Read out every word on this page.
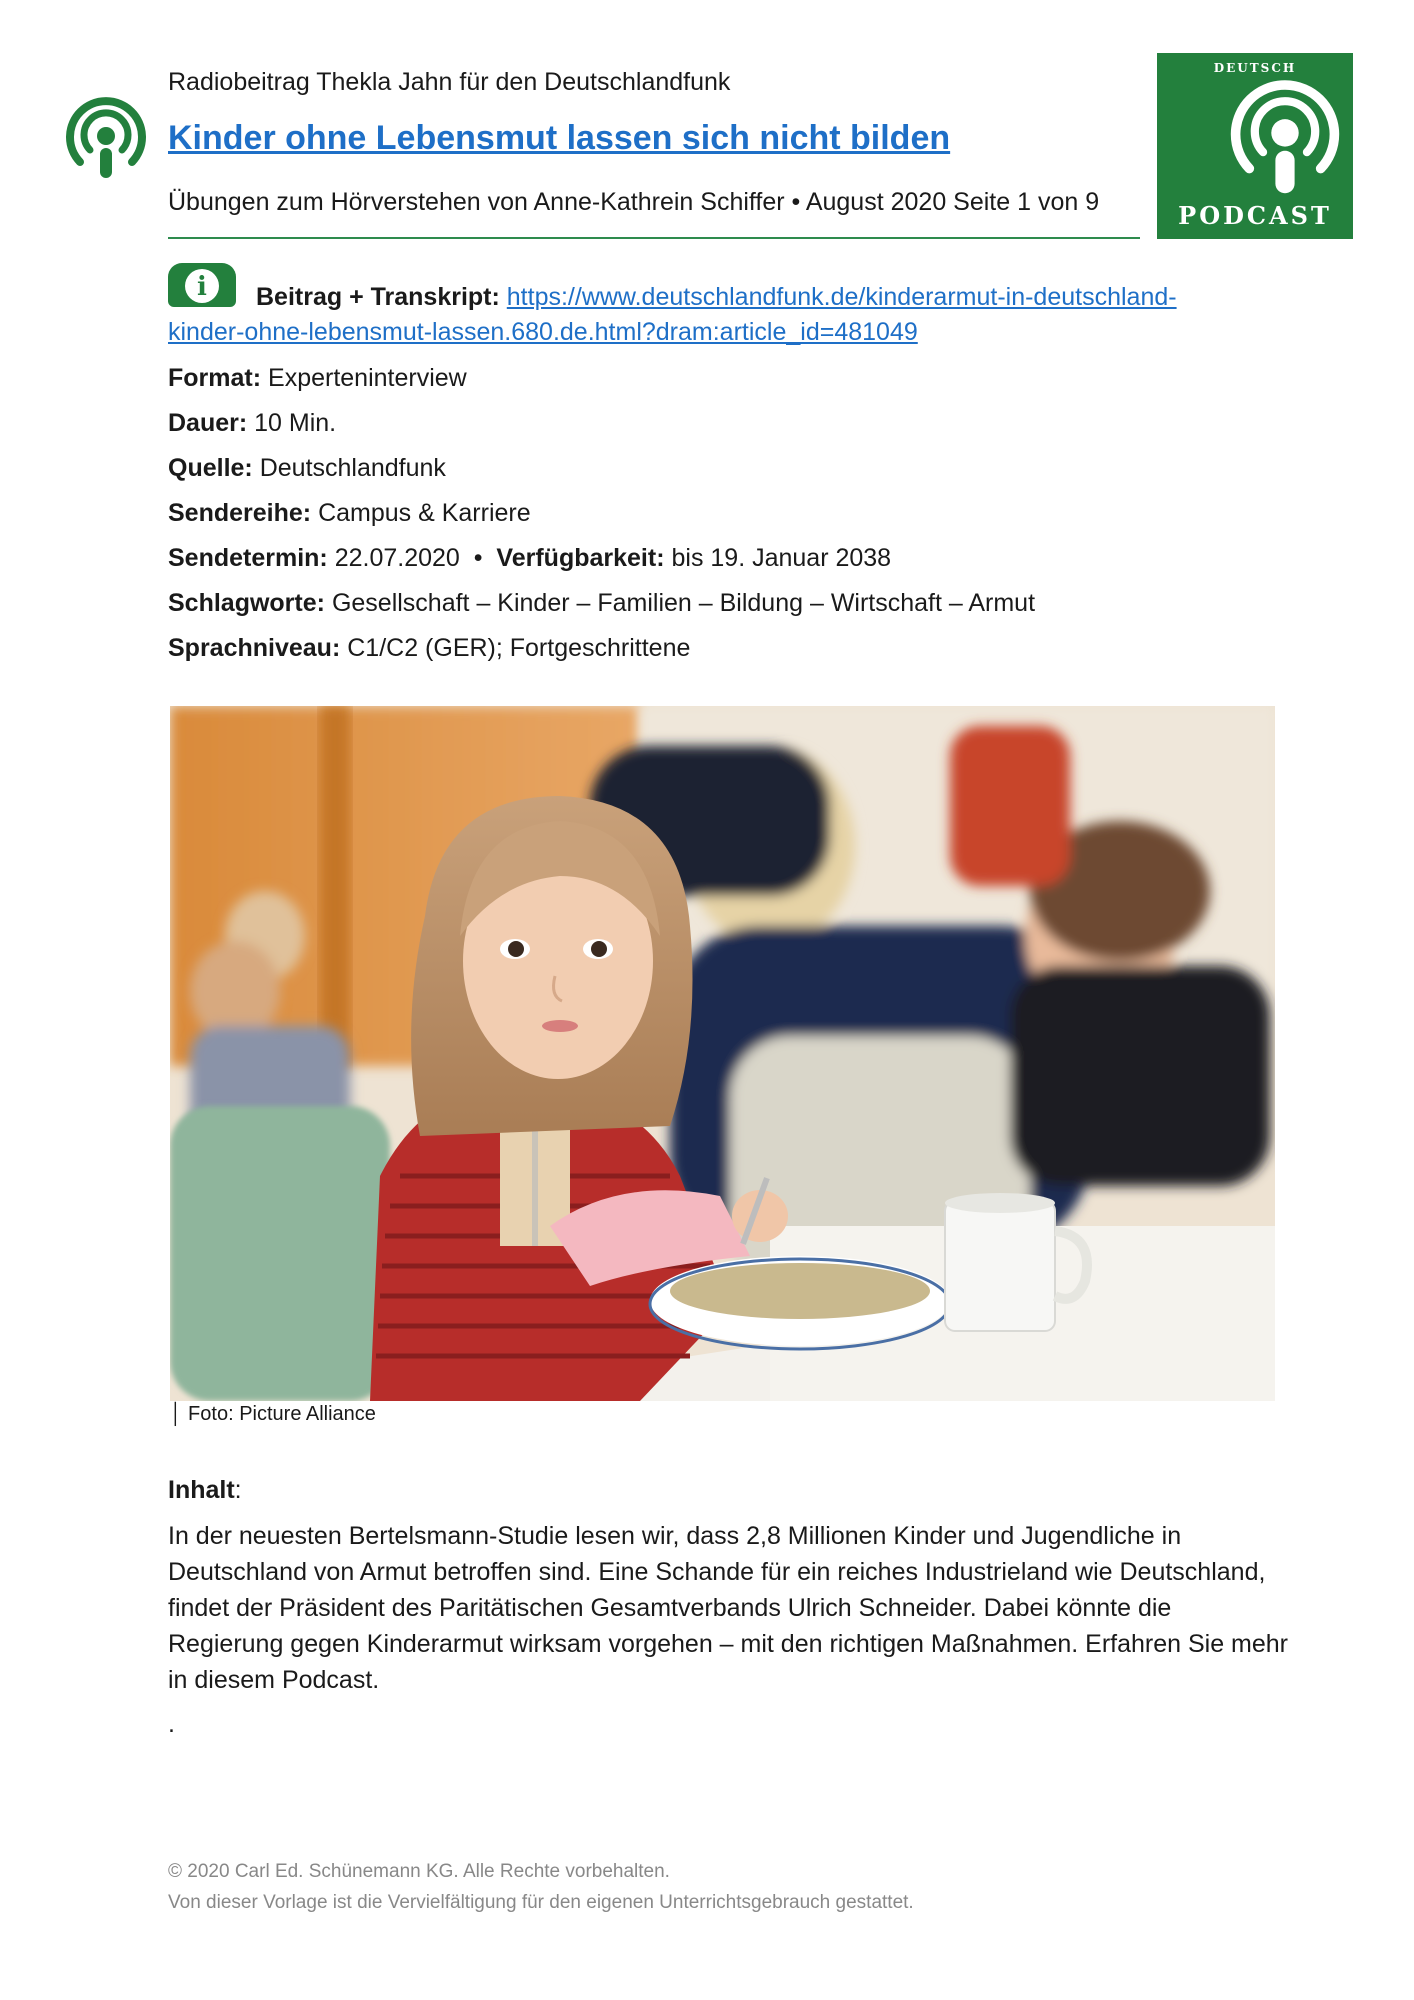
Radiobeitrag Thekla Jahn für den Deutschlandfunk
Kinder ohne Lebensmut lassen sich nicht bilden
Übungen zum Hörverstehen von Anne-Kathrein Schiffer • August 2020 Seite 1 von 9
DEUTSCH
PODCAST
i	Beitrag + Transkript: https://www.deutschlandfunk.de/kinderarmut-in-deutschland-
kinder-ohne-lebensmut-lassen.680.de.html?dram:article_id=481049
Format: Experteninterview
Dauer: 10 Min.
Quelle: Deutschlandfunk
Sendereihe: Campus & Karriere
Sendetermin: 22.07.2020 • Verfügbarkeit: bis 19. Januar 2038
Schlagworte: Gesellschaft – Kinder – Familien – Bildung – Wirtschaft – Armut
Sprachniveau: C1/C2 (GER); Fortgeschrittene
│ Foto: Picture Alliance
Inhalt:
In der neuesten Bertelsmann-Studie lesen wir, dass 2,8 Millionen Kinder und Jugendliche in Deutschland von Armut betroffen sind. Eine Schande für ein reiches Industrieland wie Deutschland, findet der Präsident des Paritätischen Gesamtverbands Ulrich Schneider. Dabei könnte die Regierung gegen Kinderarmut wirksam vorgehen – mit den richtigen Maßnahmen. Erfahren Sie mehr in diesem Podcast.
.
© 2020 Carl Ed. Schünemann KG. Alle Rechte vorbehalten.
Von dieser Vorlage ist die Vervielfältigung für den eigenen Unterrichtsgebrauch gestattet.
